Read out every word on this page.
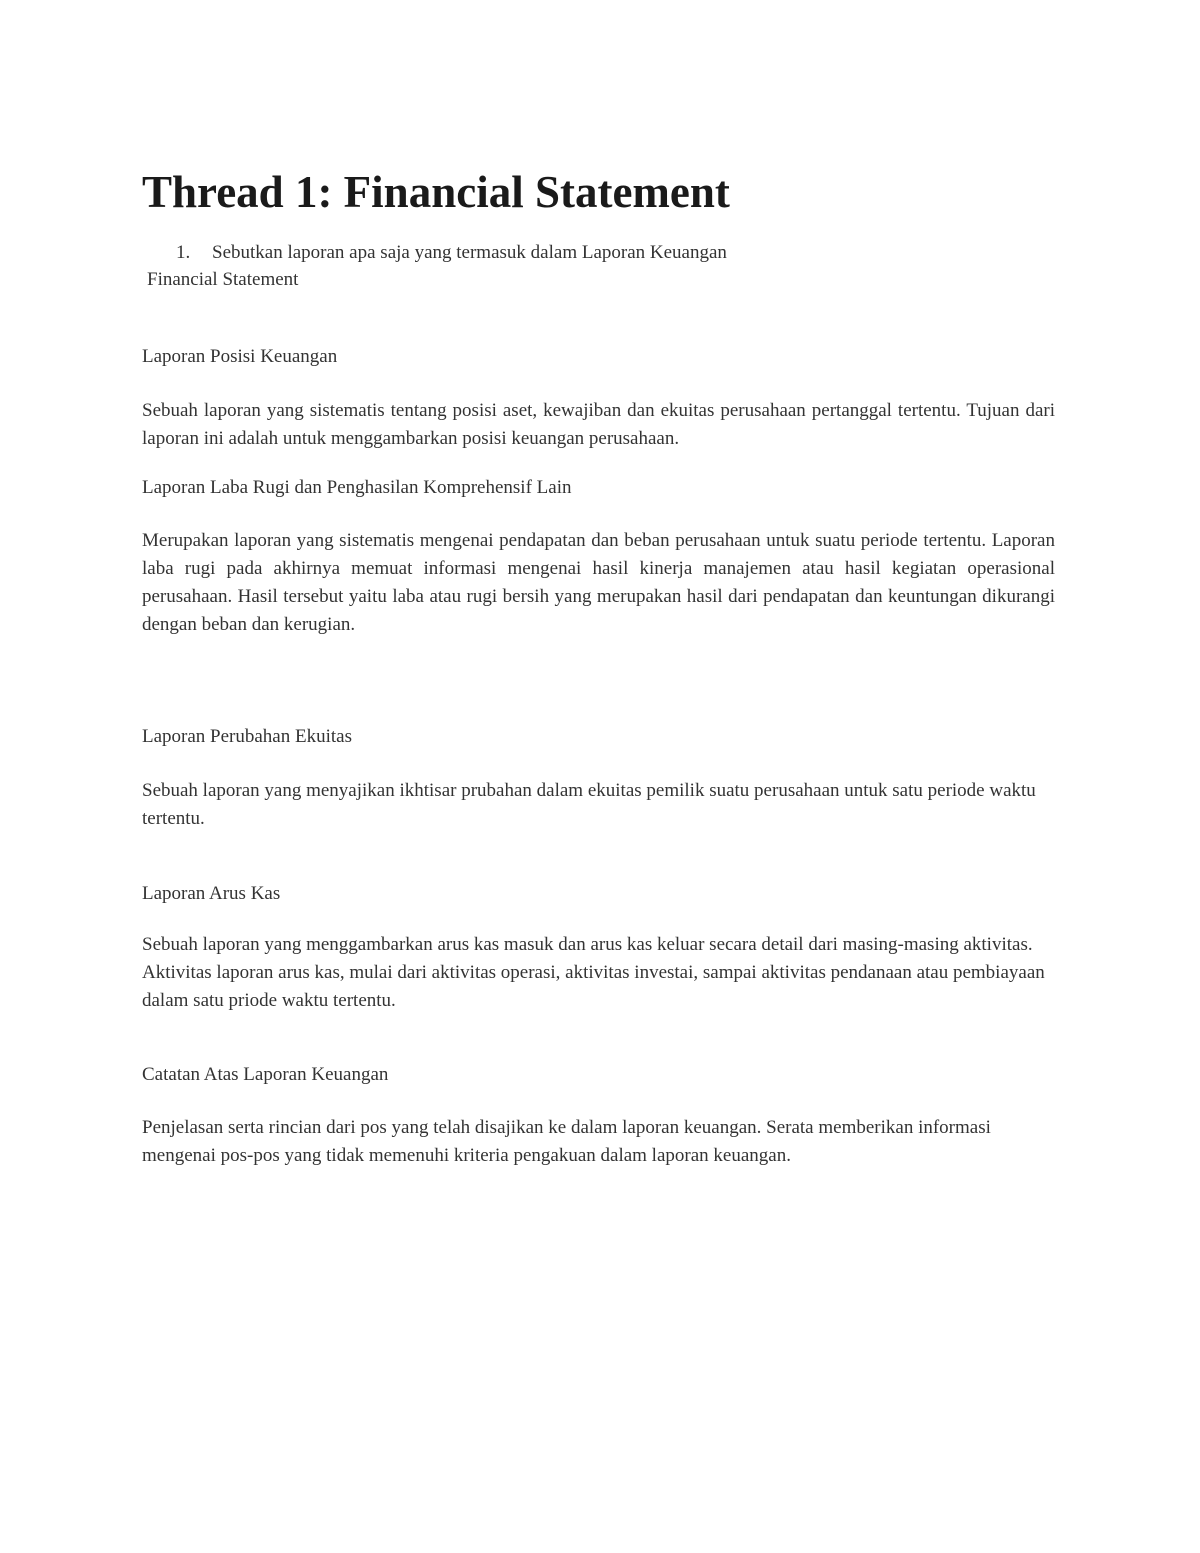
Thread 1: Financial Statement
1. Sebutkan laporan apa saja yang termasuk dalam Laporan Keuangan
Financial Statement
Laporan Posisi Keuangan

Sebuah laporan yang sistematis tentang posisi aset, kewajiban dan ekuitas perusahaan pertanggal tertentu. Tujuan dari laporan ini adalah untuk menggambarkan posisi keuangan perusahaan.

Laporan Laba Rugi dan Penghasilan Komprehensif Lain

Merupakan laporan yang sistematis mengenai pendapatan dan beban perusahaan untuk suatu periode tertentu. Laporan laba rugi pada akhirnya memuat informasi mengenai hasil kinerja manajemen atau hasil kegiatan operasional perusahaan. Hasil tersebut yaitu laba atau rugi bersih yang merupakan hasil dari pendapatan dan keuntungan dikurangi dengan beban dan kerugian.

Laporan Perubahan Ekuitas

Sebuah laporan yang menyajikan ikhtisar prubahan dalam ekuitas pemilik suatu perusahaan untuk satu periode waktu tertentu.

Laporan Arus Kas

Sebuah laporan yang menggambarkan arus kas masuk dan arus kas keluar secara detail dari masing-masing aktivitas. Aktivitas laporan arus kas, mulai dari aktivitas operasi, aktivitas investai, sampai aktivitas pendanaan atau pembiayaan dalam satu priode waktu tertentu.

Catatan Atas Laporan Keuangan

Penjelasan serta rincian dari pos yang telah disajikan ke dalam laporan keuangan. Serata memberikan informasi mengenai pos-pos yang tidak memenuhi kriteria pengakuan dalam laporan keuangan.
